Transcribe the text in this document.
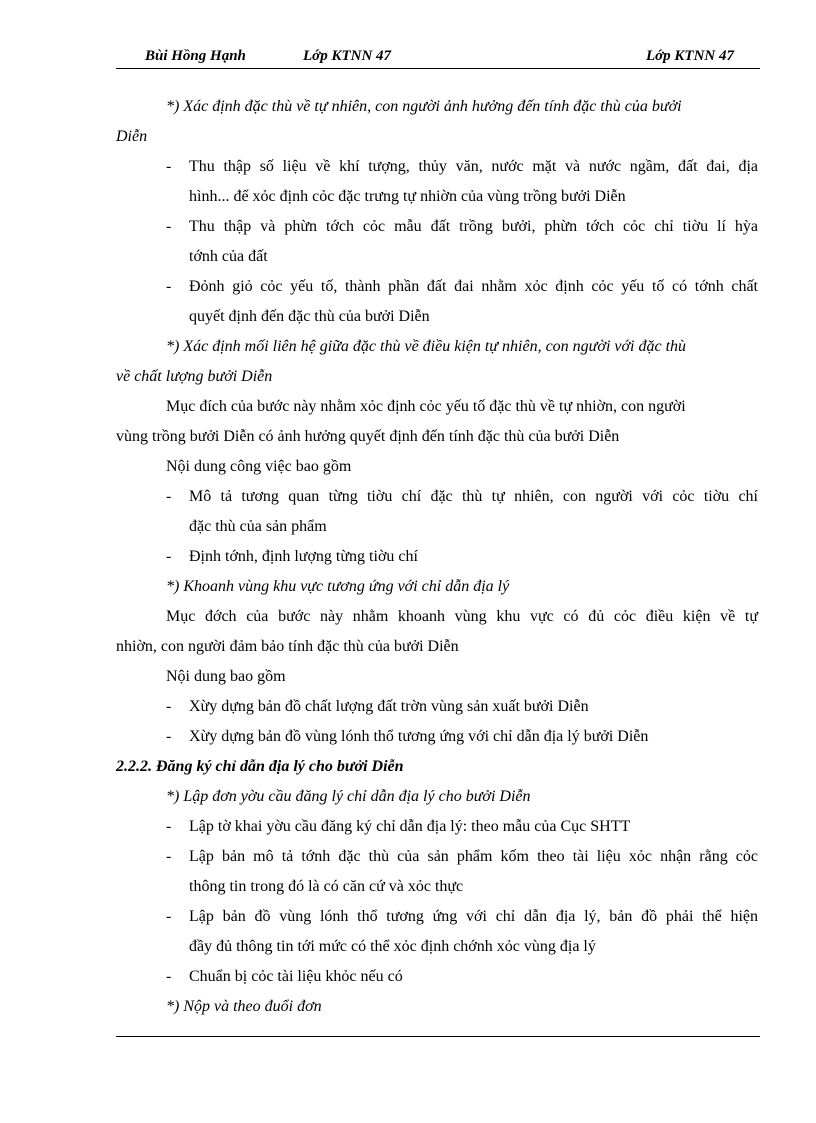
Bùi Hồng Hạnh	Lớp KTNN 47	Lớp KTNN 47
*) Xác định đặc thù về tự nhiên, con người ảnh hưởng đến tính đặc thù của bưởi
Diễn
- Thu thập số liệu về khí tượng, thủy văn, nước mặt và nước ngầm, đất đai, địa
hình... để xỏc định cỏc đặc trưng tự nhiờn của vùng trồng bưởi Diễn
- Thu thập và phừn tớch cỏc mẫu đất trồng bưởi, phừn tớch cỏc chỉ tiờu lí hỳa
tớnh của đất
- Đỏnh giỏ cỏc yếu tố, thành phần đất đai nhằm xỏc định cỏc yếu tố có tớnh chất
quyết định đến đặc thù của bưởi Diễn
*) Xác định mối liên hệ giữa đặc thù về điều kiện tự nhiên, con người với đặc thù
về chất lượng bưởi Diễn
Mục đích của bước này nhằm xỏc định cỏc yếu tố đặc thù về tự nhiờn, con người
vùng trồng bưởi Diễn có ảnh hưởng quyết định đến tính đặc thù của bưởi Diễn
Nội dung công việc bao gồm
- Mô tả tương quan từng tiờu chí đặc thù tự nhiên, con người với cỏc tiờu chí
đặc thù của sản phẩm
- Định tớnh, định lượng từng tiờu chí
*) Khoanh vùng khu vực tương ứng với chỉ dẫn địa lý
Mục đớch của bước này nhằm khoanh vùng khu vực có đủ cỏc điều kiện về tự
nhiờn, con người đảm bảo tính đặc thù của bưởi Diễn
Nội dung bao gồm
- Xừy dựng bản đồ chất lượng đất trờn vùng sản xuất bưởi Diễn
- Xừy dựng bản đồ vùng lónh thổ tương ứng với chỉ dẫn địa lý bưởi Diễn
2.2.2. Đăng ký chỉ dẫn địa lý cho bưởi Diễn
*) Lập đơn yờu cầu đăng lý chỉ dẫn địa lý cho bưởi Diễn
- Lập tờ khai yờu cầu đăng ký chỉ dẫn địa lý: theo mẫu của Cục SHTT
- Lập bản mô tả tớnh đặc thù của sản phẩm kốm theo tài liệu xỏc nhận rằng cỏc
thông tin trong đó là có căn cứ và xỏc thực
- Lập bản đồ vùng lónh thổ tương ứng với chỉ dẫn địa lý, bản đồ phải thể hiện
đầy đủ thông tin tới mức có thể xỏc định chớnh xỏc vùng địa lý
- Chuẩn bị cỏc tài liệu khỏc nếu có
*) Nộp và theo đuổi đơn
